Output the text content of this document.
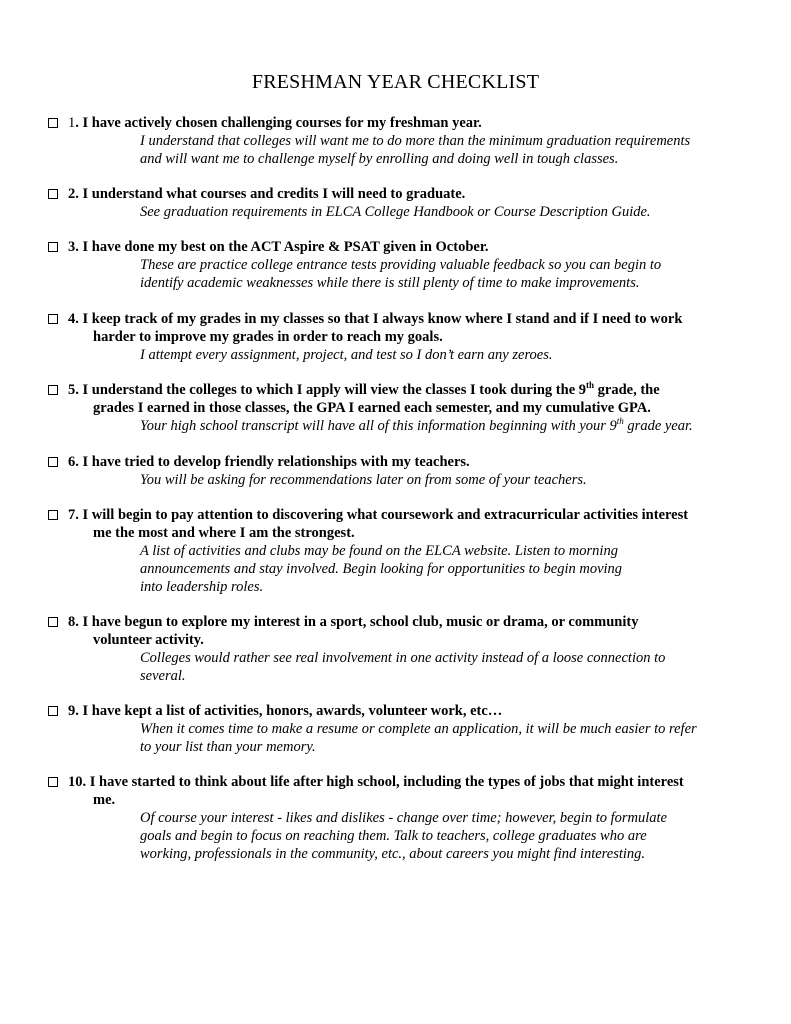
FRESHMAN YEAR CHECKLIST
1. I have actively chosen challenging courses for my freshman year.
I understand that colleges will want me to do more than the minimum graduation requirements
and will want me to challenge myself by enrolling and doing well in tough classes.
2. I understand what courses and credits I will need to graduate.
See graduation requirements in ELCA College Handbook or Course Description Guide.
3. I have done my best on the ACT Aspire & PSAT given in October.
These are practice college entrance tests providing valuable feedback so you can begin to
identify academic weaknesses while there is still plenty of time to make improvements.
4. I keep track of my grades in my classes so that I always know where I stand and if I need to work
harder to improve my grades in order to reach my goals.
I attempt every assignment, project, and test so I don’t earn any zeroes.
5. I understand the colleges to which I apply will view the classes I took during the 9th grade, the
grades I earned in those classes, the GPA I earned each semester, and my cumulative GPA.
Your high school transcript will have all of this information beginning with your 9th grade year.
6. I have tried to develop friendly relationships with my teachers.
You will be asking for recommendations later on from some of your teachers.
7. I will begin to pay attention to discovering what coursework and extracurricular activities interest
me the most and where I am the strongest.
A list of activities and clubs may be found on the ELCA website. Listen to morning
announcements and stay involved. Begin looking for opportunities to begin moving
into leadership roles.
8. I have begun to explore my interest in a sport, school club, music or drama, or community
volunteer activity.
Colleges would rather see real involvement in one activity instead of a loose connection to
several.
9. I have kept a list of activities, honors, awards, volunteer work, etc…
When it comes time to make a resume or complete an application, it will be much easier to refer
to your list than your memory.
10. I have started to think about life after high school, including the types of jobs that might interest
me.
Of course your interest - likes and dislikes - change over time; however, begin to formulate
goals and begin to focus on reaching them. Talk to teachers, college graduates who are
working, professionals in the community, etc., about careers you might find interesting.
